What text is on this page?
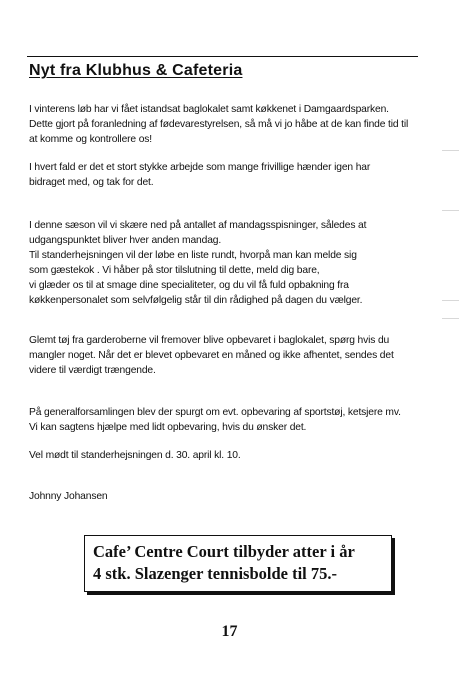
Nyt fra Klubhus & Cafeteria
I vinterens løb har vi fået istandsat baglokalet samt køkkenet i Damgaardsparken.
Dette gjort på foranledning af fødevarestyrelsen, så må vi jo håbe at de kan finde tid til
at komme og kontrollere os!
I hvert fald er det et stort stykke arbejde som mange frivillige hænder igen har
bidraget med, og tak for det.
I denne sæson vil vi skære ned på antallet af mandagsspisninger, således at
udgangspunktet bliver hver anden mandag.
Til standerhejsningen vil der løbe en liste rundt, hvorpå man kan melde sig
som gæstekok . Vi håber på stor tilslutning til dette, meld dig bare,
vi glæder os til at smage dine specialiteter, og du vil få fuld opbakning fra
køkkenpersonalet som selvfølgelig står til din rådighed på dagen du vælger.
Glemt tøj fra garderoberne vil fremover blive opbevaret i baglokalet, spørg hvis du
mangler noget. Når det er blevet opbevaret en måned og ikke afhentet, sendes det
videre til værdigt trængende.
På generalforsamlingen blev der spurgt om evt. opbevaring af sportstøj, ketsjere mv.
Vi kan sagtens hjælpe med lidt opbevaring, hvis du ønsker det.
Vel mødt til standerhejsningen d. 30. april kl. 10.
Johnny Johansen
Cafe’ Centre Court tilbyder atter i år
4 stk. Slazenger tennisbolde til 75.-
17
